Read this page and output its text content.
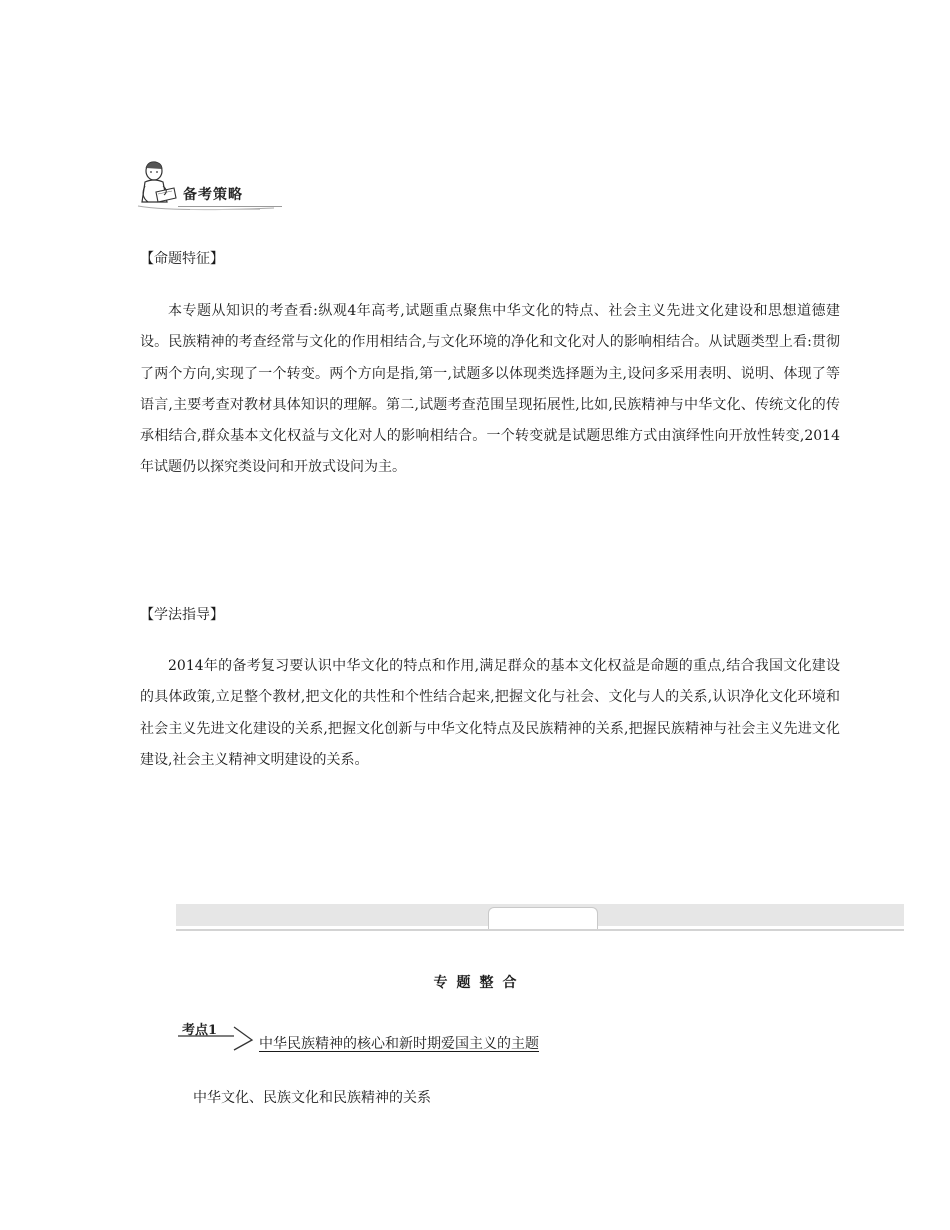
备考策略
【命题特征】

本专题从知识的考查看:纵观4年高考,试题重点聚焦中华文化的特点、社会主义先进文化建设和思想道德建设。民族精神的考查经常与文化的作用相结合,与文化环境的净化和文化对人的影响相结合。从试题类型上看:贯彻了两个方向,实现了一个转变。两个方向是指,第一,试题多以体现类选择题为主,设问多采用表明、说明、体现了等语言,主要考查对教材具体知识的理解。第二,试题考查范围呈现拓展性,比如,民族精神与中华文化、传统文化的传承相结合,群众基本文化权益与文化对人的影响相结合。一个转变就是试题思维方式由演绎性向开放性转变,2014年试题仍以探究类设问和开放式设问为主。

【学法指导】

2014年的备考复习要认识中华文化的特点和作用,满足群众的基本文化权益是命题的重点,结合我国文化建设的具体政策,立足整个教材,把文化的共性和个性结合起来,把握文化与社会、文化与人的关系,认识净化文化环境和社会主义先进文化建设的关系,把握文化创新与中华文化特点及民族精神的关系,把握民族精神与社会主义先进文化建设,社会主义精神文明建设的关系。

专题整合
考点1
中华民族精神的核心和新时期爱国主义的主题
中华文化、民族文化和民族精神的关系
